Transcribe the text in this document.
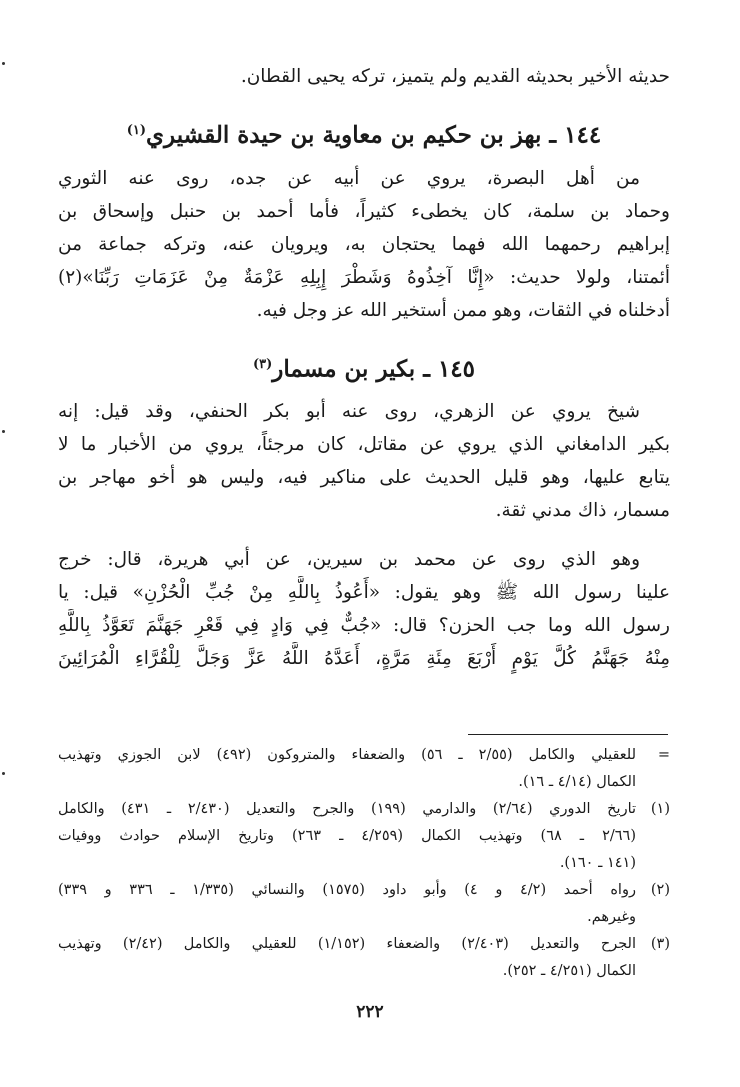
حديثه الأخير بحديثه القديم ولم يتميز، تركه يحيى القطان.
١٤٤ ـ بهز بن حكيم بن معاوية بن حيدة القشيري$^{(١)}$
من أهل البصرة، يروي عن أبيه عن جده، روى عنه الثوري
وحماد بن سلمة، كان يخطىء كثيراً، فأما أحمد بن حنبل وإسحاق بن
إبراهيم رحمهما الله فهما يحتجان به، ويرويان عنه، وتركه جماعة من
أئمتنا، ولولا حديث: «إِنَّا آخِذُوهُ وَشَطْرَ إِبِلِهِ عَزْمَةٌ مِنْ عَزَمَاتِ رَبِّنَا»(٢)
أدخلناه في الثقات، وهو ممن أستخير الله عز وجل فيه.
١٤٥ ـ بكير بن مسمار$^{(٣)}$
شيخ يروي عن الزهري، روى عنه أبو بكر الحنفي، وقد قيل: إنه
بكير الدامغاني الذي يروي عن مقاتل، كان مرجئاً، يروي من الأخبار ما لا
يتابع عليها، وهو قليل الحديث على مناكير فيه، وليس هو أخو مهاجر بن
مسمار، ذاك مدني ثقة.
وهو الذي روى عن محمد بن سيرين، عن أبي هريرة، قال: خرج
علينا رسول الله ﷺ وهو يقول: «أَعُوذُ بِاللَّهِ مِنْ جُبِّ الْحُزْنِ» قيل: يا
رسول الله وما جب الحزن؟ قال: «جُبٌّ فِي وَادٍ فِي قَعْرِ جَهَنَّمَ تَعَوَّذُ بِاللَّهِ
مِنْهُ جَهَنَّمُ كُلَّ يَوْمٍ أَرْبَعَ مِئَةِ مَرَّةٍ، أَعَدَّهُ اللَّهُ عَزَّ وَجَلَّ لِلْقُرَّاءِ الْمُرَائِينَ
=
للعقيلي والكامل (٢/٥٥ ـ ٥٦) والضعفاء والمتروكون (٤٩٢) لابن الجوزي وتهذيب
الكمال (٤/١٤ ـ ١٦).
(١)
تاريخ الدوري (٢/٦٤) والدارمي (١٩٩) والجرح والتعديل (٢/٤٣٠ ـ ٤٣١) والكامل
(٢/٦٦ ـ ٦٨) وتهذيب الكمال (٤/٢٥٩ ـ ٢٦٣) وتاريخ الإسلام حوادث ووفيات
(١٤١ ـ ١٦٠).
(٢)
رواه أحمد (٤/٢ و ٤) وأبو داود (١٥٧٥) والنسائي (١/٣٣٥ ـ ٣٣٦ و ٣٣٩)
وغيرهم.
(٣)
الجرح والتعديل (٢/٤٠٣) والضعفاء (١/١٥٢) للعقيلي والكامل (٢/٤٢) وتهذيب
الكمال (٤/٢٥١ ـ ٢٥٢).
٢٢٢
